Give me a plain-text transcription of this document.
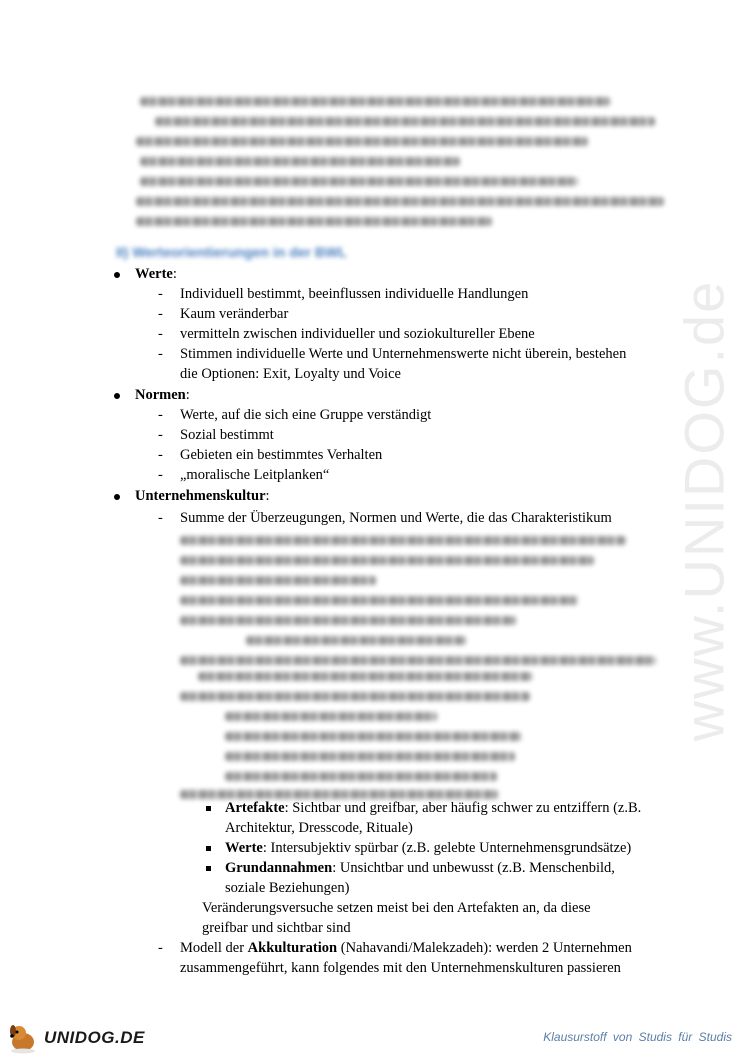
www.UNIDOG.de
II) Werteorientierungen in der BWL
Werte:
- Individuell bestimmt, beeinflussen individuelle Handlungen
- Kaum veränderbar
- vermitteln zwischen individueller und soziokultureller Ebene
- Stimmen individuelle Werte und Unternehmenswerte nicht überein, bestehen
die Optionen: Exit, Loyalty und Voice
Normen:
- Werte, auf die sich eine Gruppe verständigt
- Sozial bestimmt
- Gebieten ein bestimmtes Verhalten
- „moralische Leitplanken“
Unternehmenskultur:
- Summe der Überzeugungen, Normen und Werte, die das Charakteristikum
Artefakte: Sichtbar und greifbar, aber häufig schwer zu entziffern (z.B.
Architektur, Dresscode, Rituale)
Werte: Intersubjektiv spürbar (z.B. gelebte Unternehmensgrundsätze)
Grundannahmen: Unsichtbar und unbewusst (z.B. Menschenbild,
soziale Beziehungen)
Veränderungsversuche setzen meist bei den Artefakten an, da diese
greifbar und sichtbar sind
- Modell der Akkulturation (Nahavandi/Malekzadeh): werden 2 Unternehmen
zusammengeführt, kann folgendes mit den Unternehmenskulturen passieren
UNIDOG.DE	Klausurstoff von Studis für Studis
